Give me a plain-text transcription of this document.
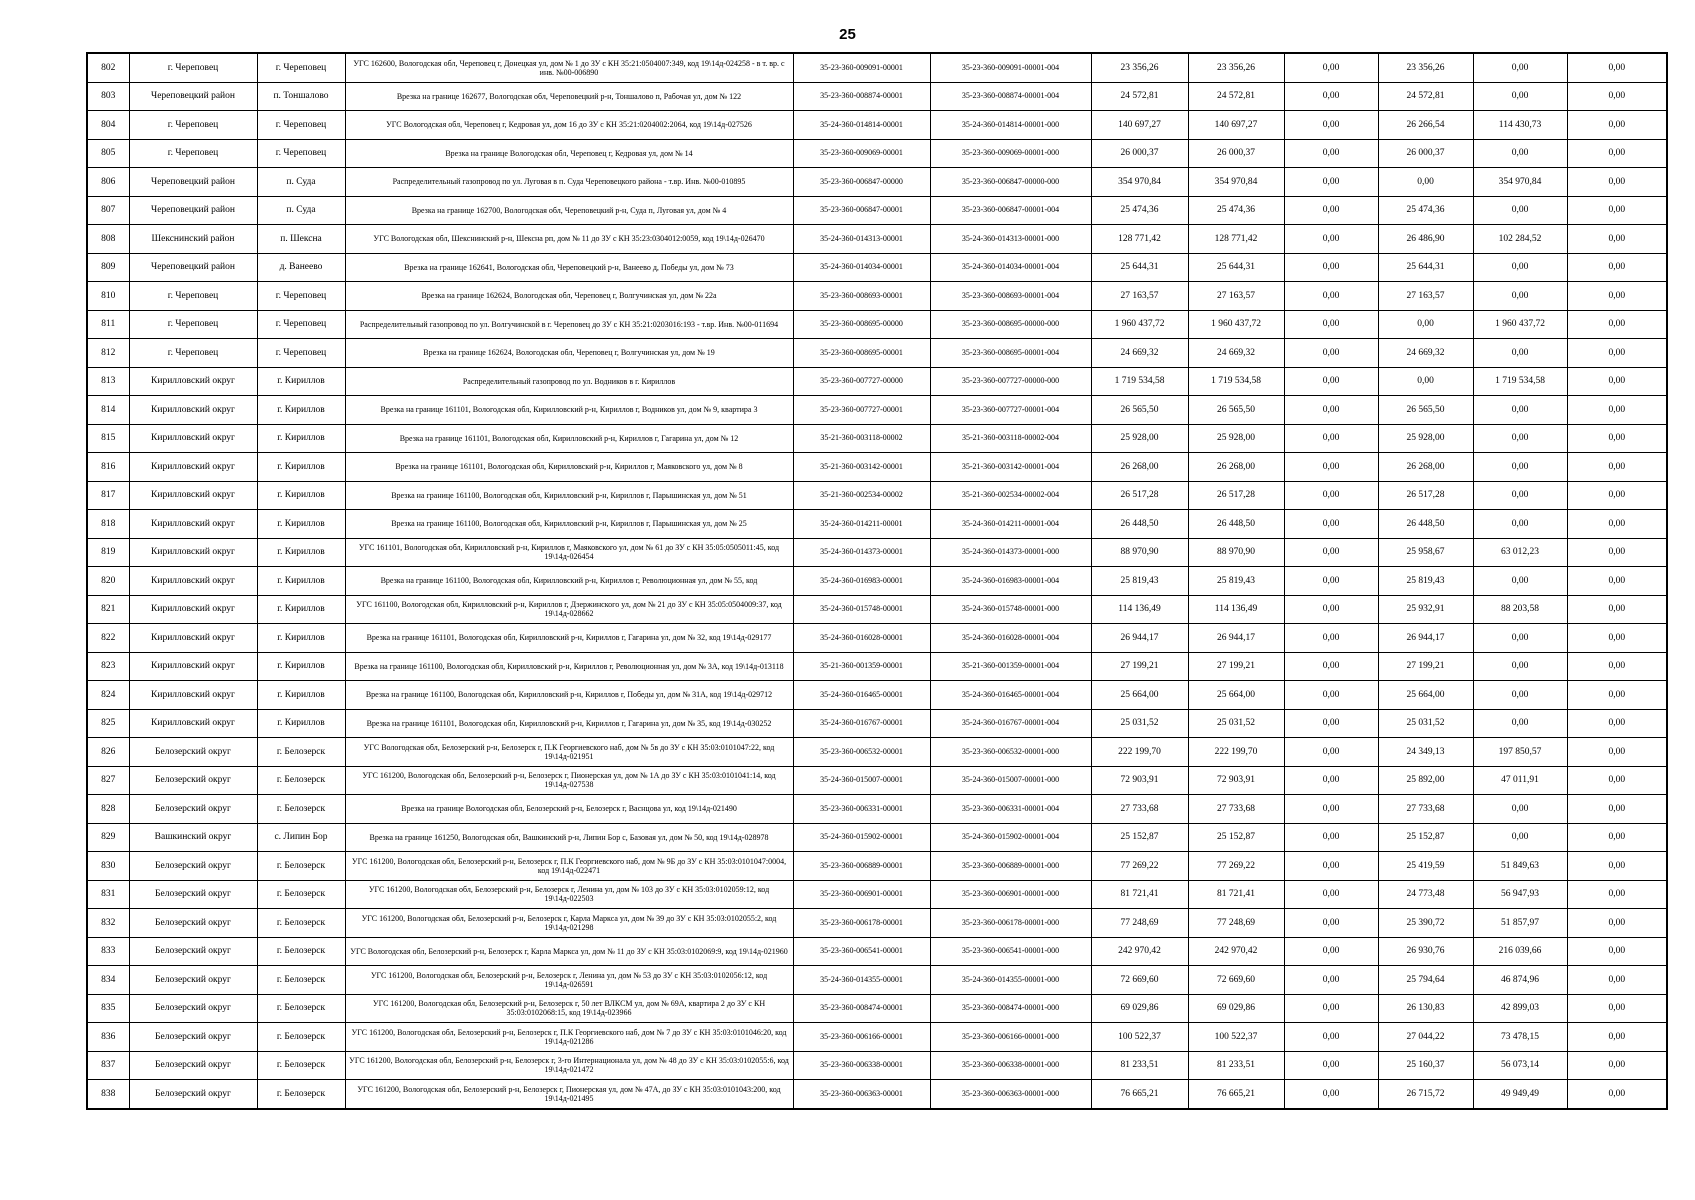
25
802	г. Череповец	г. Череповец	УГС 162600, Вологодская обл, Череповец г, Донецкая ул, дом № 1 до ЗУ с КН 35:21:0504007:349, код 19\14д-024258 - в т. вр. с инв. №00-006890	35-23-360-009091-00001	35-23-360-009091-00001-004	23 356,26	23 356,26	0,00	23 356,26	0,00	0,00
803	Череповецкий район	п. Тоншалово	Врезка на границе 162677, Вологодская обл, Череповецкий р-н, Тоншалово п, Рабочая ул, дом № 122	35-23-360-008874-00001	35-23-360-008874-00001-004	24 572,81	24 572,81	0,00	24 572,81	0,00	0,00
804	г. Череповец	г. Череповец	УГС Вологодская обл, Череповец г, Кедровая ул, дом 16 до ЗУ с КН 35:21:0204002:2064, код 19\14д-027526	35-24-360-014814-00001	35-24-360-014814-00001-000	140 697,27	140 697,27	0,00	26 266,54	114 430,73	0,00
805	г. Череповец	г. Череповец	Врезка на границе Вологодская обл, Череповец г, Кедровая ул, дом № 14	35-23-360-009069-00001	35-23-360-009069-00001-000	26 000,37	26 000,37	0,00	26 000,37	0,00	0,00
806	Череповецкий район	п. Суда	Распределительный газопровод по ул. Луговая в п. Суда Череповецкого района - т.вр. Инв. №00-010895	35-23-360-006847-00000	35-23-360-006847-00000-000	354 970,84	354 970,84	0,00	0,00	354 970,84	0,00
807	Череповецкий район	п. Суда	Врезка на границе 162700, Вологодская обл, Череповецкий р-н, Суда п, Луговая ул, дом № 4	35-23-360-006847-00001	35-23-360-006847-00001-004	25 474,36	25 474,36	0,00	25 474,36	0,00	0,00
808	Шекснинский район	п. Шексна	УГС Вологодская обл, Шекснинский р-н, Шексна рп, дом № 11 до ЗУ с КН 35:23:0304012:0059, код 19\14д-026470	35-24-360-014313-00001	35-24-360-014313-00001-000	128 771,42	128 771,42	0,00	26 486,90	102 284,52	0,00
809	Череповецкий район	д. Ванеево	Врезка на границе 162641, Вологодская обл, Череповецкий р-н, Ванеево д, Победы ул, дом № 73	35-24-360-014034-00001	35-24-360-014034-00001-004	25 644,31	25 644,31	0,00	25 644,31	0,00	0,00
810	г. Череповец	г. Череповец	Врезка на границе 162624, Вологодская обл, Череповец г, Волгучинская ул, дом № 22а	35-23-360-008693-00001	35-23-360-008693-00001-004	27 163,57	27 163,57	0,00	27 163,57	0,00	0,00
811	г. Череповец	г. Череповец	Распределительный газопровод по ул. Волгучинской в г. Череповец до ЗУ с КН 35:21:0203016:193 - т.вр. Инв. №00-011694	35-23-360-008695-00000	35-23-360-008695-00000-000	1 960 437,72	1 960 437,72	0,00	0,00	1 960 437,72	0,00
812	г. Череповец	г. Череповец	Врезка на границе 162624, Вологодская обл, Череповец г, Волгучинская ул, дом № 19	35-23-360-008695-00001	35-23-360-008695-00001-004	24 669,32	24 669,32	0,00	24 669,32	0,00	0,00
813	Кирилловский округ	г. Кириллов	Распределительный газопровод по ул. Водников в г. Кириллов	35-23-360-007727-00000	35-23-360-007727-00000-000	1 719 534,58	1 719 534,58	0,00	0,00	1 719 534,58	0,00
814	Кирилловский округ	г. Кириллов	Врезка на границе 161101, Вологодская обл, Кирилловский р-н, Кириллов г, Водников ул, дом № 9, квартира 3	35-23-360-007727-00001	35-23-360-007727-00001-004	26 565,50	26 565,50	0,00	26 565,50	0,00	0,00
815	Кирилловский округ	г. Кириллов	Врезка на границе 161101, Вологодская обл, Кирилловский р-н, Кириллов г, Гагарина ул, дом № 12	35-21-360-003118-00002	35-21-360-003118-00002-004	25 928,00	25 928,00	0,00	25 928,00	0,00	0,00
816	Кирилловский округ	г. Кириллов	Врезка на границе 161101, Вологодская обл, Кирилловский р-н, Кириллов г, Маяковского ул, дом № 8	35-21-360-003142-00001	35-21-360-003142-00001-004	26 268,00	26 268,00	0,00	26 268,00	0,00	0,00
817	Кирилловский округ	г. Кириллов	Врезка на границе 161100, Вологодская обл, Кирилловский р-н, Кириллов г, Парышинская ул, дом № 51	35-21-360-002534-00002	35-21-360-002534-00002-004	26 517,28	26 517,28	0,00	26 517,28	0,00	0,00
818	Кирилловский округ	г. Кириллов	Врезка на границе 161100, Вологодская обл, Кирилловский р-н, Кириллов г, Парышинская ул, дом № 25	35-24-360-014211-00001	35-24-360-014211-00001-004	26 448,50	26 448,50	0,00	26 448,50	0,00	0,00
819	Кирилловский округ	г. Кириллов	УГС 161101, Вологодская обл, Кирилловский р-н, Кириллов г, Маяковского ул, дом № 61 до ЗУ с КН 35:05:0505011:45, код 19\14д-026454	35-24-360-014373-00001	35-24-360-014373-00001-000	88 970,90	88 970,90	0,00	25 958,67	63 012,23	0,00
820	Кирилловский округ	г. Кириллов	Врезка на границе 161100, Вологодская обл, Кирилловский р-н, Кириллов г, Революционная ул, дом № 55, код	35-24-360-016983-00001	35-24-360-016983-00001-004	25 819,43	25 819,43	0,00	25 819,43	0,00	0,00
821	Кирилловский округ	г. Кириллов	УГС 161100, Вологодская обл, Кирилловский р-н, Кириллов г, Дзержинского ул, дом № 21 до ЗУ с КН 35:05:0504009:37, код 19\14д-028662	35-24-360-015748-00001	35-24-360-015748-00001-000	114 136,49	114 136,49	0,00	25 932,91	88 203,58	0,00
822	Кирилловский округ	г. Кириллов	Врезка на границе 161101, Вологодская обл, Кирилловский р-н, Кириллов г, Гагарина ул, дом № 32, код 19\14д-029177	35-24-360-016028-00001	35-24-360-016028-00001-004	26 944,17	26 944,17	0,00	26 944,17	0,00	0,00
823	Кирилловский округ	г. Кириллов	Врезка на границе 161100, Вологодская обл, Кирилловский р-н, Кириллов г, Революционная ул, дом № 3А, код 19\14д-013118	35-21-360-001359-00001	35-21-360-001359-00001-004	27 199,21	27 199,21	0,00	27 199,21	0,00	0,00
824	Кирилловский округ	г. Кириллов	Врезка на границе 161100, Вологодская обл, Кирилловский р-н, Кириллов г, Победы ул, дом № 31А, код 19\14д-029712	35-24-360-016465-00001	35-24-360-016465-00001-004	25 664,00	25 664,00	0,00	25 664,00	0,00	0,00
825	Кирилловский округ	г. Кириллов	Врезка на границе 161101, Вологодская обл, Кирилловский р-н, Кириллов г, Гагарина ул, дом № 35, код 19\14д-030252	35-24-360-016767-00001	35-24-360-016767-00001-004	25 031,52	25 031,52	0,00	25 031,52	0,00	0,00
826	Белозерский округ	г. Белозерск	УГС Вологодская обл, Белозерский р-н, Белозерск г, П.К Георгиевского наб, дом № 5в до ЗУ с КН 35:03:0101047:22, код 19\14д-021951	35-23-360-006532-00001	35-23-360-006532-00001-000	222 199,70	222 199,70	0,00	24 349,13	197 850,57	0,00
827	Белозерский округ	г. Белозерск	УГС 161200, Вологодская обл, Белозерский р-н, Белозерск г, Пионерская ул, дом № 1А до ЗУ с КН 35:03:0101041:14, код 19\14д-027538	35-24-360-015007-00001	35-24-360-015007-00001-000	72 903,91	72 903,91	0,00	25 892,00	47 011,91	0,00
828	Белозерский округ	г. Белозерск	Врезка на границе Вологодская обл, Белозерский р-н, Белозерск г, Васнцова ул, код 19\14д-021490	35-23-360-006331-00001	35-23-360-006331-00001-004	27 733,68	27 733,68	0,00	27 733,68	0,00	0,00
829	Вашкинский округ	с. Липин Бор	Врезка на границе 161250, Вологодская обл, Вашкинский р-н, Липин Бор с, Базовая ул, дом № 50, код 19\14д-028978	35-24-360-015902-00001	35-24-360-015902-00001-004	25 152,87	25 152,87	0,00	25 152,87	0,00	0,00
830	Белозерский округ	г. Белозерск	УГС 161200, Вологодская обл, Белозерский р-н, Белозерск г, П.К Георгиевского наб, дом № 9Б до ЗУ с КН 35:03:0101047:0004, код 19\14д-022471	35-23-360-006889-00001	35-23-360-006889-00001-000	77 269,22	77 269,22	0,00	25 419,59	51 849,63	0,00
831	Белозерский округ	г. Белозерск	УГС 161200, Вологодская обл, Белозерский р-н, Белозерск г, Ленина ул, дом № 103 до ЗУ с КН 35:03:0102059:12, код 19\14д-022503	35-23-360-006901-00001	35-23-360-006901-00001-000	81 721,41	81 721,41	0,00	24 773,48	56 947,93	0,00
832	Белозерский округ	г. Белозерск	УГС 161200, Вологодская обл, Белозерский р-н, Белозерск г, Карла Маркса ул, дом № 39 до ЗУ с КН 35:03:0102055:2, код 19\14д-021298	35-23-360-006178-00001	35-23-360-006178-00001-000	77 248,69	77 248,69	0,00	25 390,72	51 857,97	0,00
833	Белозерский округ	г. Белозерск	УГС Вологодская обл, Белозерский р-н, Белозерск г, Карла Маркса ул, дом № 11 до ЗУ с КН 35:03:0102069:9, код 19\14д-021960	35-23-360-006541-00001	35-23-360-006541-00001-000	242 970,42	242 970,42	0,00	26 930,76	216 039,66	0,00
834	Белозерский округ	г. Белозерск	УГС 161200, Вологодская обл, Белозерский р-н, Белозерск г, Ленина ул, дом № 53 до ЗУ с КН 35:03:0102056:12, код 19\14д-026591	35-24-360-014355-00001	35-24-360-014355-00001-000	72 669,60	72 669,60	0,00	25 794,64	46 874,96	0,00
835	Белозерский округ	г. Белозерск	УГС 161200, Вологодская обл, Белозерский р-н, Белозерск г, 50 лет ВЛКСМ ул, дом № 69А, квартира 2 до ЗУ с КН 35:03:0102068:15, код 19\14д-023966	35-23-360-008474-00001	35-23-360-008474-00001-000	69 029,86	69 029,86	0,00	26 130,83	42 899,03	0,00
836	Белозерский округ	г. Белозерск	УГС 161200, Вологодская обл, Белозерский р-н, Белозерск г, П.К Георгиевского наб, дом № 7 до ЗУ с КН 35:03:0101046:20, код 19\14д-021286	35-23-360-006166-00001	35-23-360-006166-00001-000	100 522,37	100 522,37	0,00	27 044,22	73 478,15	0,00
837	Белозерский округ	г. Белозерск	УГС 161200, Вологодская обл, Белозерский р-н, Белозерск г, 3-го Интернационала ул, дом № 48 до ЗУ с КН 35:03:0102055:6, код 19\14д-021472	35-23-360-006338-00001	35-23-360-006338-00001-000	81 233,51	81 233,51	0,00	25 160,37	56 073,14	0,00
838	Белозерский округ	г. Белозерск	УГС 161200, Вологодская обл, Белозерский р-н, Белозерск г, Пионерская ул, дом № 47А, до ЗУ с КН 35:03:0101043:200, код 19\14д-021495	35-23-360-006363-00001	35-23-360-006363-00001-000	76 665,21	76 665,21	0,00	26 715,72	49 949,49	0,00
